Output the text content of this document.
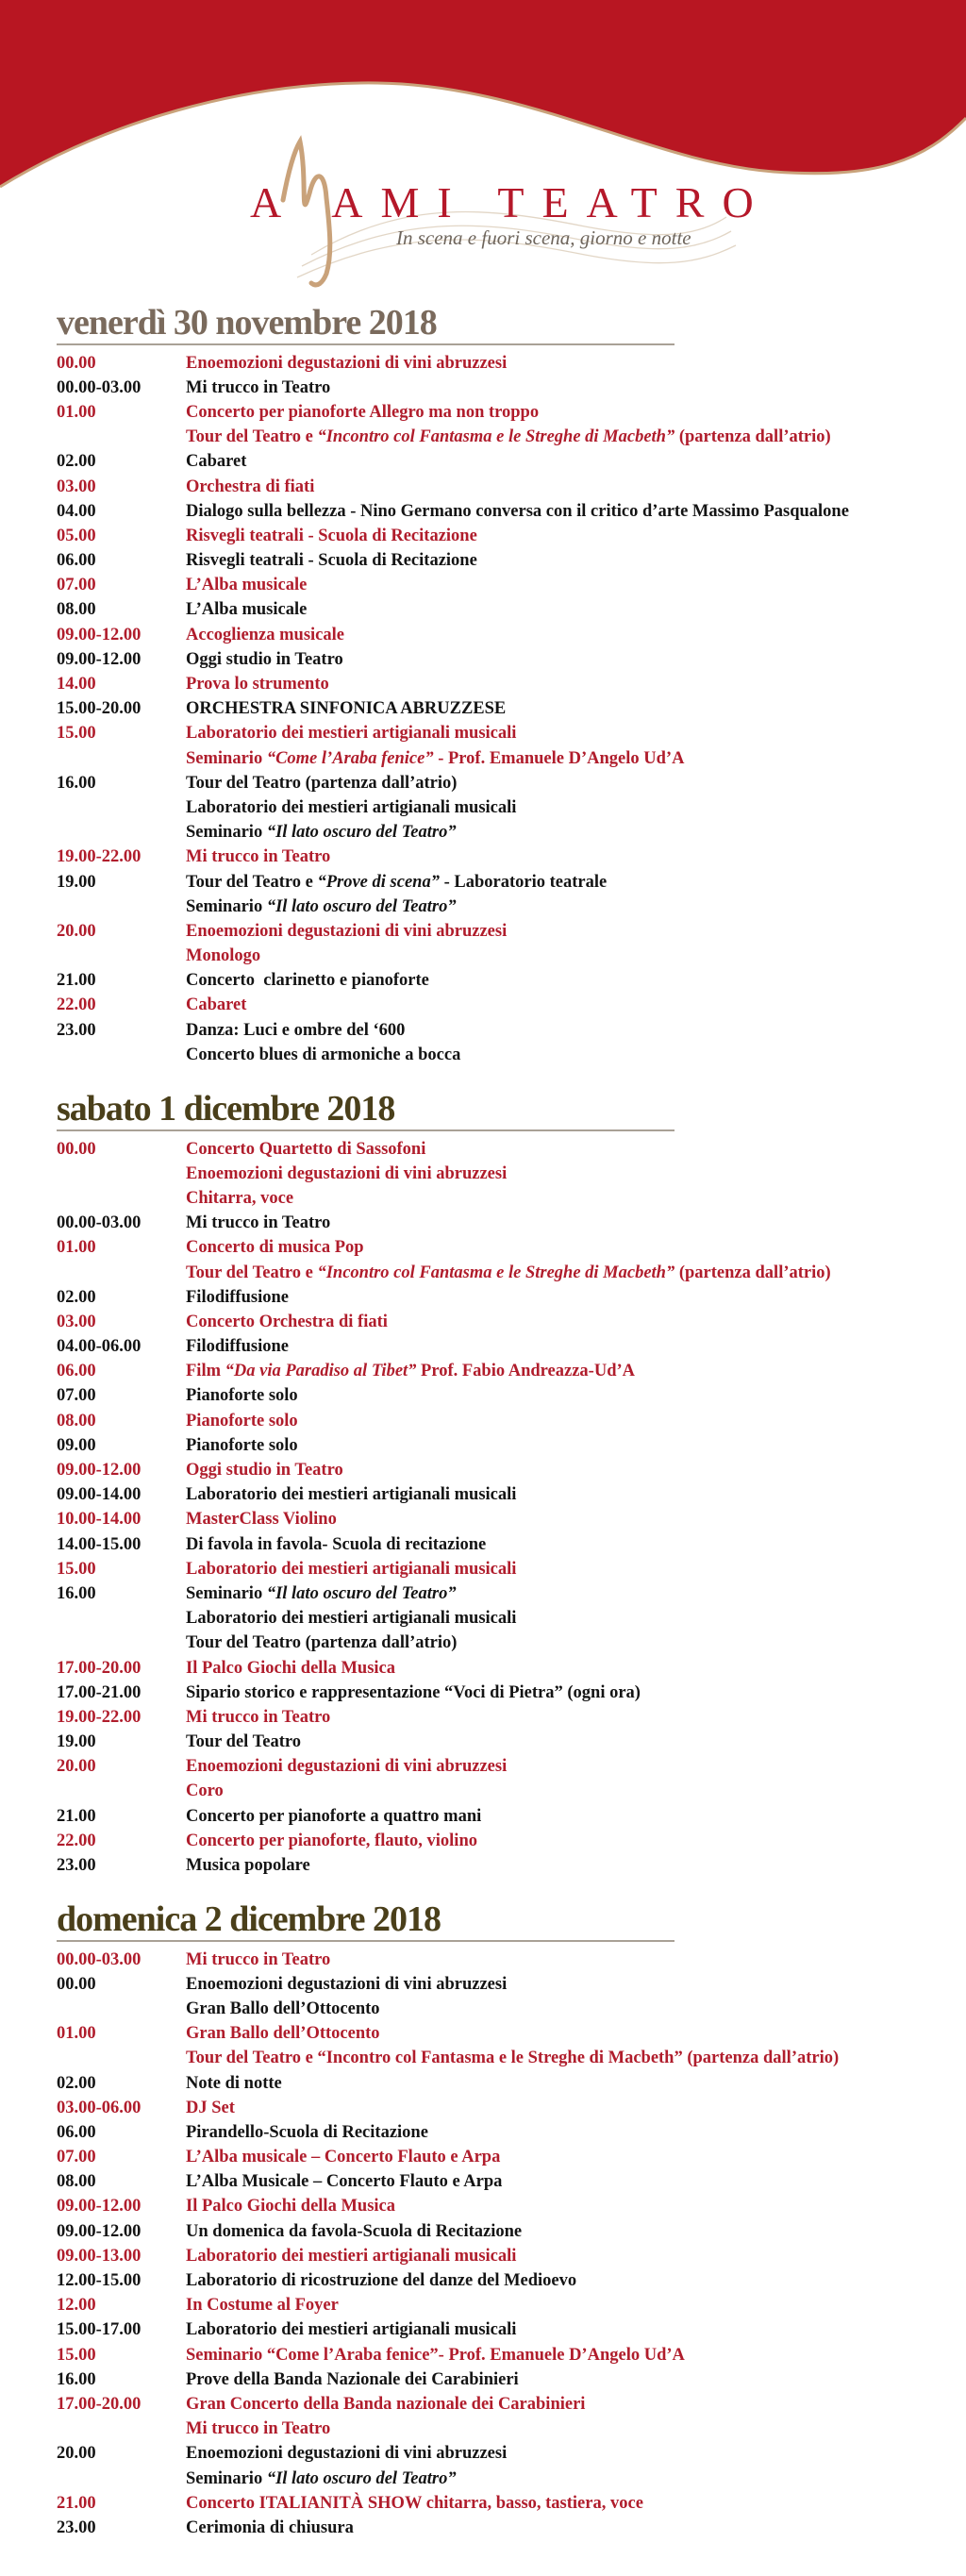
A AMI TEATRO
In scena e fuori scena, giorno e notte
venerdì 30 novembre 2018
00.00	Enoemozioni degustazioni di vini abruzzesi
00.00-03.00	Mi trucco in Teatro
01.00	Concerto per pianoforte Allegro ma non troppo
Tour del Teatro e “Incontro col Fantasma e le Streghe di Macbeth” (partenza dall’atrio)
02.00	Cabaret
03.00	Orchestra di fiati
04.00	Dialogo sulla bellezza - Nino Germano conversa con il critico d’arte Massimo Pasqualone
05.00	Risvegli teatrali - Scuola di Recitazione
06.00	Risvegli teatrali - Scuola di Recitazione
07.00	L’Alba musicale
08.00	L’Alba musicale
09.00-12.00	Accoglienza musicale
09.00-12.00	Oggi studio in Teatro
14.00	Prova lo strumento
15.00-20.00	ORCHESTRA SINFONICA ABRUZZESE
15.00	Laboratorio dei mestieri artigianali musicali
Seminario “Come l’Araba fenice” - Prof. Emanuele D’Angelo Ud’A
16.00	Tour del Teatro (partenza dall’atrio)
Laboratorio dei mestieri artigianali musicali
Seminario “Il lato oscuro del Teatro”
19.00-22.00	Mi trucco in Teatro
19.00	Tour del Teatro e “Prove di scena” - Laboratorio teatrale
Seminario “Il lato oscuro del Teatro”
20.00	Enoemozioni degustazioni di vini abruzzesi
Monologo
21.00	Concerto  clarinetto e pianoforte
22.00	Cabaret
23.00	Danza: Luci e ombre del ‘600
Concerto blues di armoniche a bocca
sabato 1 dicembre 2018
00.00	Concerto Quartetto di Sassofoni
Enoemozioni degustazioni di vini abruzzesi
Chitarra, voce
00.00-03.00	Mi trucco in Teatro
01.00	Concerto di musica Pop
Tour del Teatro e “Incontro col Fantasma e le Streghe di Macbeth” (partenza dall’atrio)
02.00	Filodiffusione
03.00	Concerto Orchestra di fiati
04.00-06.00	Filodiffusione
06.00	Film “Da via Paradiso al Tibet” Prof. Fabio Andreazza-Ud’A
07.00	Pianoforte solo
08.00	Pianoforte solo
09.00	Pianoforte solo
09.00-12.00	Oggi studio in Teatro
09.00-14.00	Laboratorio dei mestieri artigianali musicali
10.00-14.00	MasterClass Violino
14.00-15.00	Di favola in favola- Scuola di recitazione
15.00	Laboratorio dei mestieri artigianali musicali
16.00	Seminario “Il lato oscuro del Teatro”
Laboratorio dei mestieri artigianali musicali
Tour del Teatro (partenza dall’atrio)
17.00-20.00	Il Palco Giochi della Musica
17.00-21.00	Sipario storico e rappresentazione “Voci di Pietra” (ogni ora)
19.00-22.00	Mi trucco in Teatro
19.00	Tour del Teatro
20.00	Enoemozioni degustazioni di vini abruzzesi
Coro
21.00	Concerto per pianoforte a quattro mani
22.00	Concerto per pianoforte, flauto, violino
23.00	Musica popolare
domenica 2 dicembre 2018
00.00-03.00	Mi trucco in Teatro
00.00	Enoemozioni degustazioni di vini abruzzesi
Gran Ballo dell’Ottocento
01.00	Gran Ballo dell’Ottocento
Tour del Teatro e “Incontro col Fantasma e le Streghe di Macbeth” (partenza dall’atrio)
02.00	Note di notte
03.00-06.00	DJ Set
06.00	Pirandello-Scuola di Recitazione
07.00	L’Alba musicale – Concerto Flauto e Arpa
08.00	L’Alba Musicale – Concerto Flauto e Arpa
09.00-12.00	Il Palco Giochi della Musica
09.00-12.00	Un domenica da favola-Scuola di Recitazione
09.00-13.00	Laboratorio dei mestieri artigianali musicali
12.00-15.00	Laboratorio di ricostruzione del danze del Medioevo
12.00	In Costume al Foyer
15.00-17.00	Laboratorio dei mestieri artigianali musicali
15.00	Seminario “Come l’Araba fenice”- Prof. Emanuele D’Angelo Ud’A
16.00	Prove della Banda Nazionale dei Carabinieri
17.00-20.00	Gran Concerto della Banda nazionale dei Carabinieri
Mi trucco in Teatro
20.00	Enoemozioni degustazioni di vini abruzzesi
Seminario “Il lato oscuro del Teatro”
21.00	Concerto ITALIANITÀ SHOW chitarra, basso, tastiera, voce
23.00	Cerimonia di chiusura
